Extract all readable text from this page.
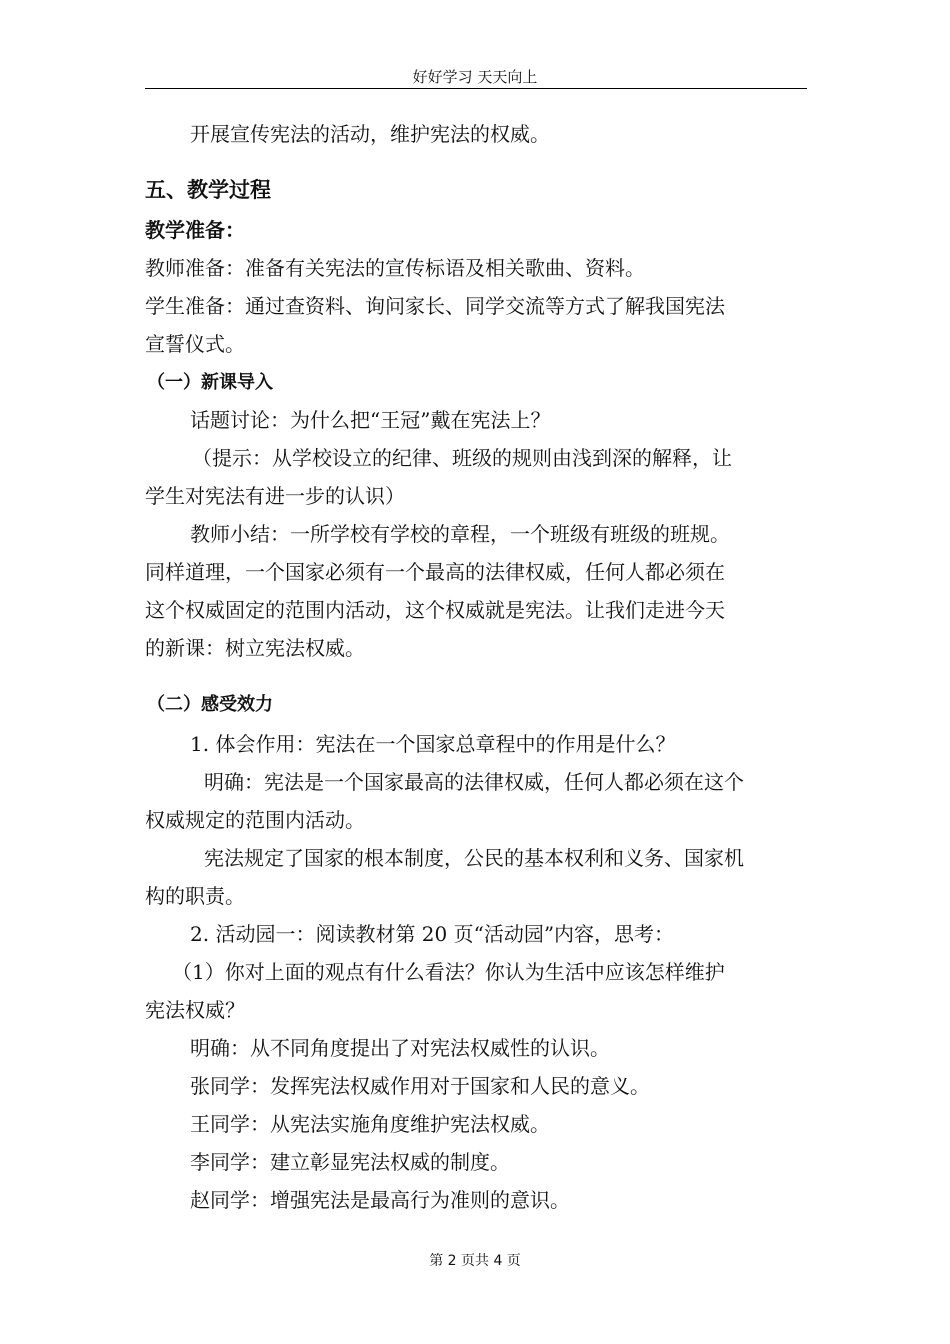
好好学习 天天向上
开展宣传宪法的活动，维护宪法的权威。
五、教学过程
教学准备：
教师准备：准备有关宪法的宣传标语及相关歌曲、资料。
学生准备：通过查资料、询问家长、同学交流等方式了解我国宪法
宣誓仪式。
（一）新课导入
话题讨论：为什么把“王冠”戴在宪法上？
（提示：从学校设立的纪律、班级的规则由浅到深的解释，让
学生对宪法有进一步的认识）
教师小结：一所学校有学校的章程，一个班级有班级的班规。
同样道理，一个国家必须有一个最高的法律权威，任何人都必须在
这个权威固定的范围内活动，这个权威就是宪法。让我们走进今天
的新课：树立宪法权威。
（二）感受效力
1. 体会作用：宪法在一个国家总章程中的作用是什么？
明确：宪法是一个国家最高的法律权威，任何人都必须在这个
权威规定的范围内活动。
宪法规定了国家的根本制度，公民的基本权利和义务、国家机
构的职责。
2. 活动园一：阅读教材第 20 页“活动园”内容，思考：
（1）你对上面的观点有什么看法？你认为生活中应该怎样维护
宪法权威？
明确：从不同角度提出了对宪法权威性的认识。
张同学：发挥宪法权威作用对于国家和人民的意义。
王同学：从宪法实施角度维护宪法权威。
李同学：建立彰显宪法权威的制度。
赵同学：增强宪法是最高行为准则的意识。
第 2 页共 4 页
